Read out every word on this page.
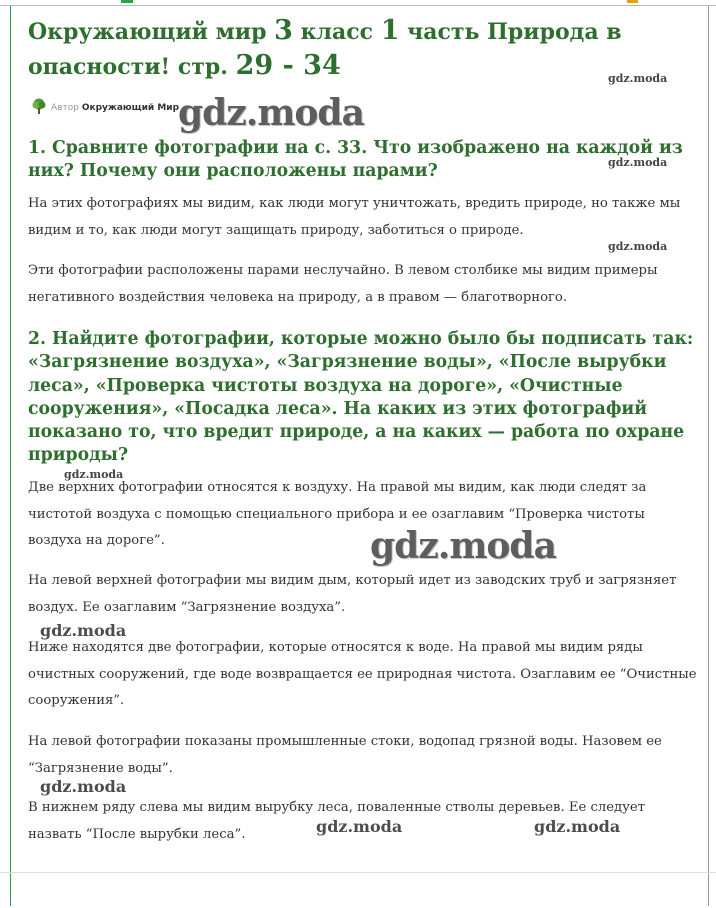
Окружающий мир 3 класс 1 часть Природа в опасности! стр. 29 - 34
Автор Окружающий Мир
1. Сравните фотографии на с. 33. Что изображено на каждой из них? Почему они расположены парами?

На этих фотографиях мы видим, как люди могут уничтожать, вредить природе, но также мы видим и то, как люди могут защищать природу, заботиться о природе.

Эти фотографии расположены парами неслучайно. В левом столбике мы видим примеры негативного воздействия человека на природу, а в правом — благотворного.

2. Найдите фотографии, которые можно было бы подписать так: «Загрязнение воздуха», «Загрязнение воды», «После вырубки леса», «Проверка чистоты воздуха на дороге», «Очистные сооружения», «Посадка леса». На каких из этих фотографий показано то, что вредит природе, а на каких — работа по охране природы?

Две верхних фотографии относятся к воздуху. На правой мы видим, как люди следят за чистотой воздуха с помощью специального прибора и ее озаглавим “Проверка чистоты воздуха на дороге”.

На левой верхней фотографии мы видим дым, который идет из заводских труб и загрязняет воздух. Ее озаглавим “Загрязнение воздуха”.

Ниже находятся две фотографии, которые относятся к воде. На правой мы видим ряды очистных сооружений, где воде возвращается ее природная чистота. Озаглавим ее “Очистные сооружения”.

На левой фотографии показаны промышленные стоки, водопад грязной воды. Назовем ее “Загрязнение воды”.

В нижнем ряду слева мы видим вырубку леса, поваленные стволы деревьев. Ее следует назвать “После вырубки леса”.

gdz.moda
gdz.moda
gdz.moda
gdz.moda
gdz.moda
gdz.moda
gdz.moda
gdz.moda
gdz.moda	gdz.moda
